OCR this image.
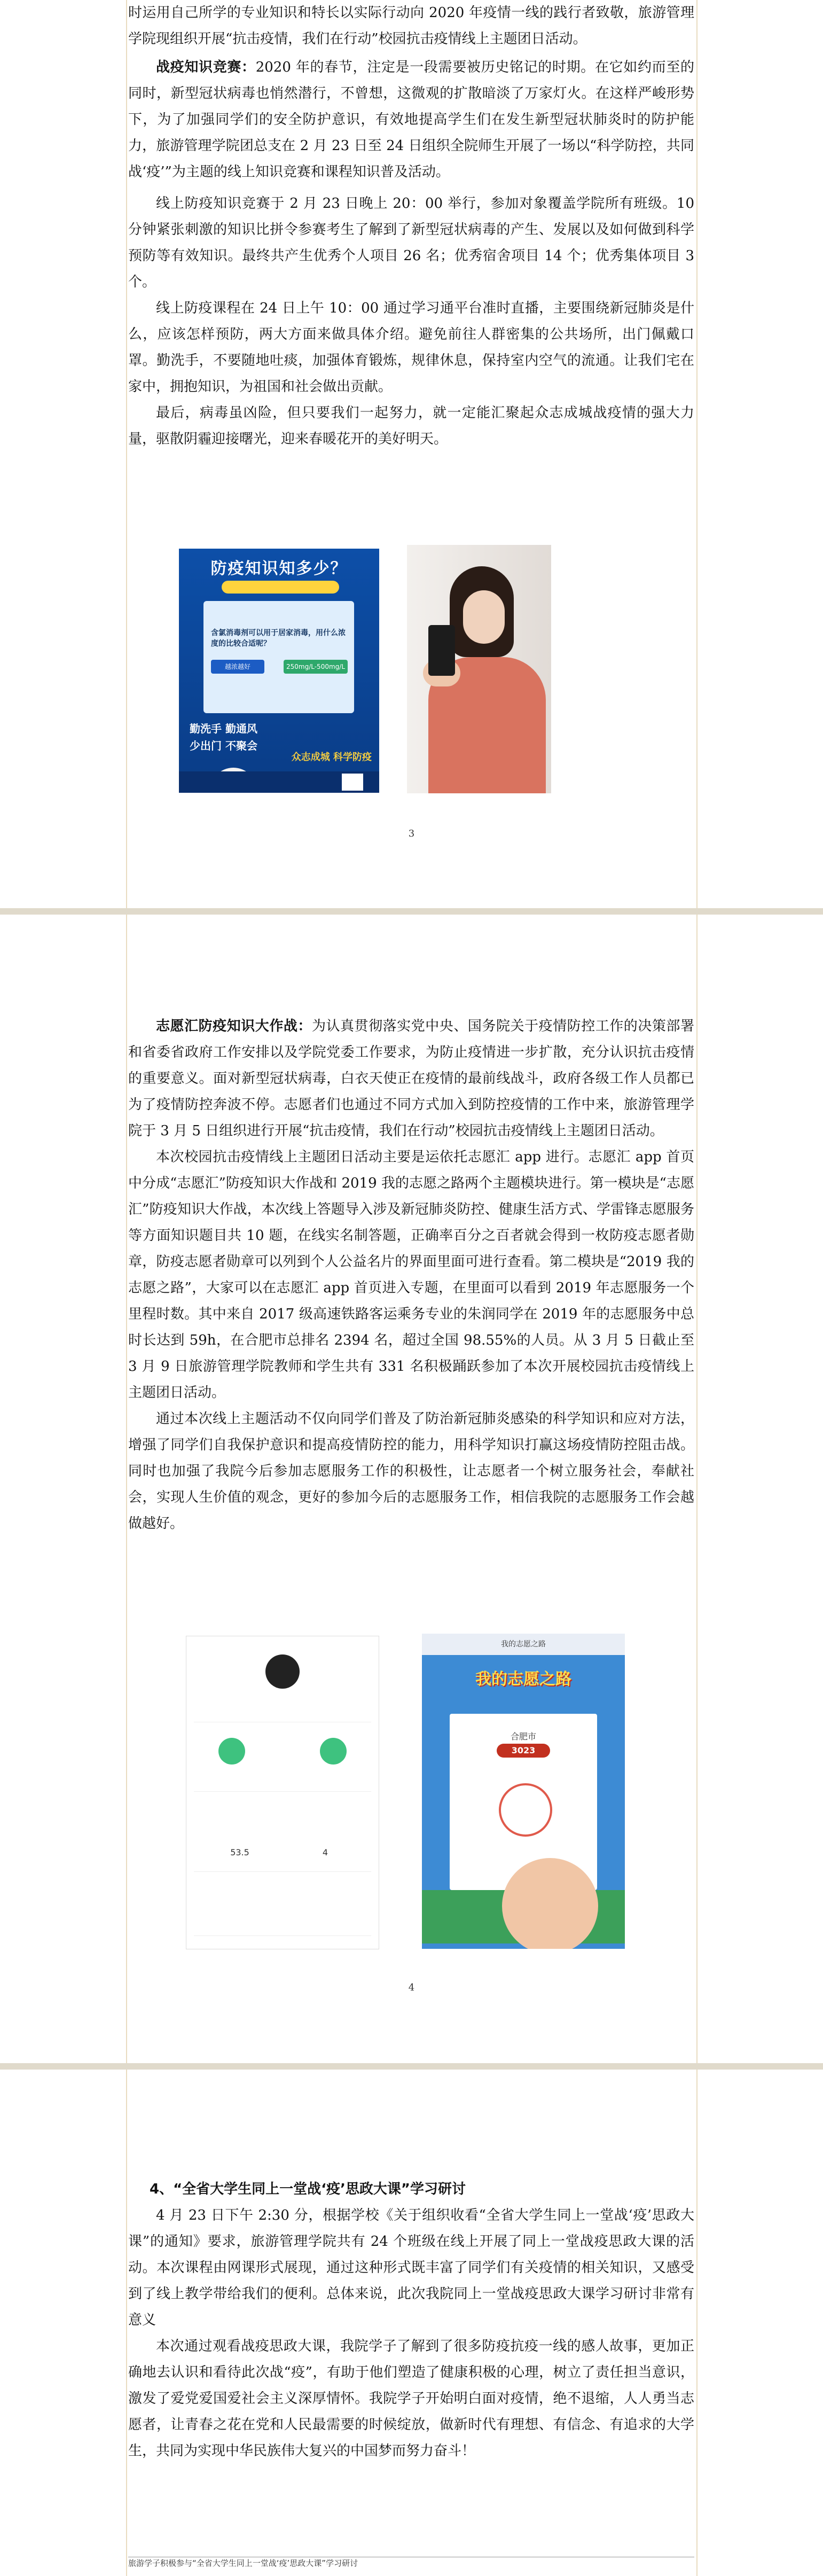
时运用自己所学的专业知识和特长以实际行动向 2020 年疫情一线的践行者致敬，旅游管理学院现组织开展“抗击疫情，我们在行动”校园抗击疫情线上主题团日活动。

战疫知识竞赛：2020 年的春节，注定是一段需要被历史铭记的时期。在它如约而至的同时，新型冠状病毒也悄然潜行，不曾想，这微观的扩散暗淡了万家灯火。在这样严峻形势下，为了加强同学们的安全防护意识，有效地提高学生们在发生新型冠状肺炎时的防护能力，旅游管理学院团总支在 2 月 23 日至 24 日组织全院师生开展了一场以“科学防控，共同战‘疫’”为主题的线上知识竞赛和课程知识普及活动。

线上防疫知识竞赛于 2 月 23 日晚上 20：00 举行，参加对象覆盖学院所有班级。10 分钟紧张刺激的知识比拼令参赛考生了解到了新型冠状病毒的产生、发展以及如何做到科学预防等有效知识。最终共产生优秀个人项目 26 名；优秀宿舍项目 14 个；优秀集体项目 3 个。

线上防疫课程在 24 日上午 10：00 通过学习通平台准时直播，主要围绕新冠肺炎是什么，应该怎样预防，两大方面来做具体介绍。避免前往人群密集的公共场所，出门佩戴口罩。勤洗手，不要随地吐痰，加强体育锻炼，规律休息，保持室内空气的流通。让我们宅在家中，拥抱知识，为祖国和社会做出贡献。

最后，病毒虽凶险，但只要我们一起努力，就一定能汇聚起众志成城战疫情的强大力量，驱散阴霾迎接曙光，迎来春暖花开的美好明天。

防疫知识知多少？
含氯消毒剂可以用于居家消毒，用什么浓度的比较合适呢？
越浓越好	250mg/L-500mg/L
勤洗手 勤通风
少出门 不聚会
众志成城 科学防疫
3

志愿汇防疫知识大作战：为认真贯彻落实党中央、国务院关于疫情防控工作的决策部署和省委省政府工作安排以及学院党委工作要求，为防止疫情进一步扩散，充分认识抗击疫情的重要意义。面对新型冠状病毒，白衣天使正在疫情的最前线战斗，政府各级工作人员都已为了疫情防控奔波不停。志愿者们也通过不同方式加入到防控疫情的工作中来，旅游管理学院于 3 月 5 日组织进行开展“抗击疫情，我们在行动”校园抗击疫情线上主题团日活动。

本次校园抗击疫情线上主题团日活动主要是运依托志愿汇 app 进行。志愿汇 app 首页中分成“志愿汇”防疫知识大作战和 2019 我的志愿之路两个主题模块进行。第一模块是“志愿汇”防疫知识大作战，本次线上答题导入涉及新冠肺炎防控、健康生活方式、学雷锋志愿服务等方面知识题目共 10 题，在线实名制答题，正确率百分之百者就会得到一枚防疫志愿者勋章，防疫志愿者勋章可以列到个人公益名片的界面里面可进行查看。第二模块是“2019 我的志愿之路”，大家可以在志愿汇 app 首页进入专题，在里面可以看到 2019 年志愿服务一个里程时数。其中来自 2017 级高速铁路客运乘务专业的朱润同学在 2019 年的志愿服务中总时长达到 59h，在合肥市总排名 2394 名，超过全国 98.55%的人员。从 3 月 5 日截止至 3 月 9 日旅游管理学院教师和学生共有 331 名积极踊跃参加了本次开展校园抗击疫情线上主题团日活动。

通过本次线上主题活动不仅向同学们普及了防治新冠肺炎感染的科学知识和应对方法，增强了同学们自我保护意识和提高疫情防控的能力，用科学知识打赢这场疫情防控阻击战。同时也加强了我院今后参加志愿服务工作的积极性，让志愿者一个树立服务社会，奉献社会，实现人生价值的观念，更好的参加今后的志愿服务工作，相信我院的志愿服务工作会越做越好。

53.5	4
我的志愿之路
我的志愿之路
合肥市
3023
4

4、“全省大学生同上一堂战‘疫’思政大课”学习研讨

4 月 23 日下午 2:30 分，根据学校《关于组织收看“全省大学生同上一堂战‘疫’思政大课”的通知》要求，旅游管理学院共有 24 个班级在线上开展了同上一堂战疫思政大课的活动。本次课程由网课形式展现，通过这种形式既丰富了同学们有关疫情的相关知识，又感受到了线上教学带给我们的便利。总体来说，此次我院同上一堂战疫思政大课学习研讨非常有意义

本次通过观看战疫思政大课，我院学子了解到了很多防疫抗疫一线的感人故事，更加正确地去认识和看待此次战“疫”，有助于他们塑造了健康积极的心理，树立了责任担当意识，激发了爱党爱国爱社会主义深厚情怀。我院学子开始明白面对疫情，绝不退缩，人人勇当志愿者，让青春之花在党和人民最需要的时候绽放，做新时代有理想、有信念、有追求的大学生，共同为实现中华民族伟大复兴的中国梦而努力奋斗！

旅游学子积极参与“全省大学生同上一堂战‘疫’思政大课”学习研讨
